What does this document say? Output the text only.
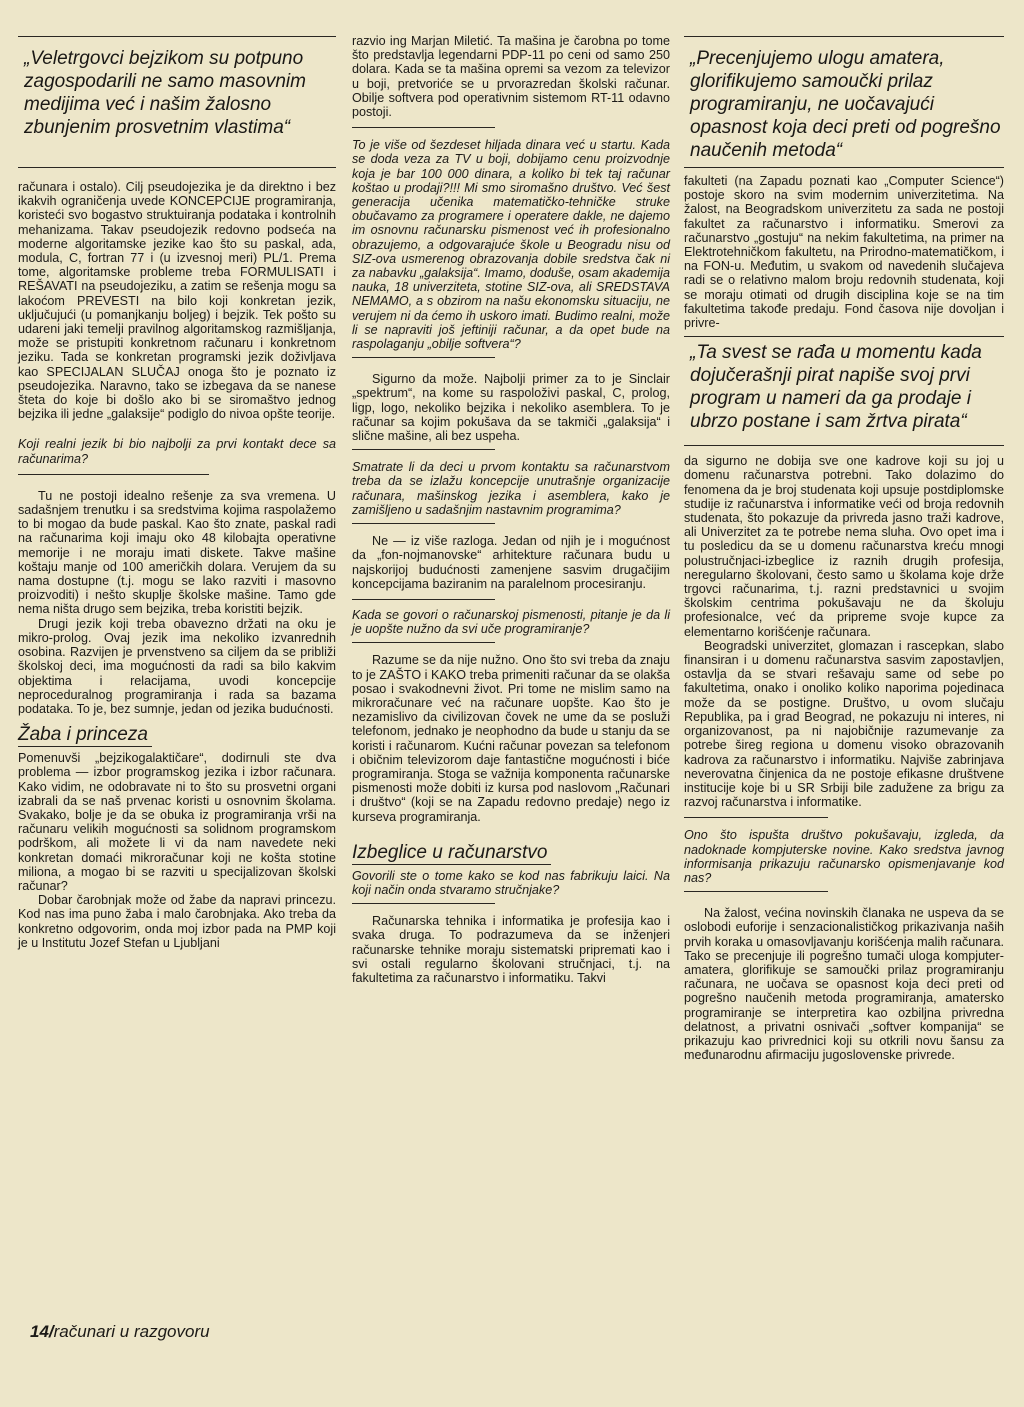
„Veletrgovci bejzikom su potpuno zagospodarili ne samo masovnim medijima već i našim žalosno zbunjenim prosvetnim vlastima“

računara i ostalo). Cilj pseudojezika je da direktno i bez ikakvih ograničenja uvede KONCEPCIJE programiranja, koristeći svo bogastvo struktuiranja podataka i kontrolnih mehanizama. Takav pseudojezik redovno podseća na moderne algoritamske jezike kao što su paskal, ada, modula, C, fortran 77 i (u izvesnoj meri) PL/1. Prema tome, algoritamske probleme treba FORMULISATI i REŠAVATI na pseudojeziku, a zatim se rešenja mogu sa lakoćom PREVESTI na bilo koji konkretan jezik, uključujući (u pomanjkanju boljeg) i bejzik. Tek pošto su udareni jaki temelji pravilnog algoritamskog razmišljanja, može se pristupiti konkretnom računaru i konkretnom jeziku. Tada se konkretan programski jezik doživljava kao SPECIJALAN SLUČAJ onoga što je poznato iz pseudojezika. Naravno, tako se izbegava da se nanese šteta do koje bi došlo ako bi se siromaštvo jednog bejzika ili jedne „galaksije“ podiglo do nivoa opšte teorije.

Koji realni jezik bi bio najbolji za prvi kontakt dece sa računarima?

Tu ne postoji idealno rešenje za sva vremena. U sadašnjem trenutku i sa sredstvima kojima raspolažemo to bi mogao da bude paskal. Kao što znate, paskal radi na računarima koji imaju oko 48 kilobajta operativne memorije i ne moraju imati diskete. Takve mašine koštaju manje od 100 američkih dolara. Verujem da su nama dostupne (t.j. mogu se lako razviti i masovno proizvoditi) i nešto skuplje školske mašine. Tamo gde nema ništa drugo sem bejzika, treba koristiti bejzik.

Drugi jezik koji treba obavezno držati na oku je mikro-prolog. Ovaj jezik ima nekoliko izvanrednih osobina. Razvijen je prvenstveno sa ciljem da se približi školskoj deci, ima mogućnosti da radi sa bilo kakvim objektima i relacijama, uvodi koncepcije neproceduralnog programiranja i rada sa bazama podataka. To je, bez sumnje, jedan od jezika budućnosti.

Žaba i princeza

Pomenuvši „bejzikogalaktičare“, dodirnuli ste dva problema — izbor programskog jezika i izbor računara. Kako vidim, ne odobravate ni to što su prosvetni organi izabrali da se naš prvenac koristi u osnovnim školama. Svakako, bolje je da se obuka iz programiranja vrši na računaru velikih mogućnosti sa solidnom programskom podrškom, ali možete li vi da nam navedete neki konkretan domaći mikroračunar koji ne košta stotine miliona, a mogao bi se razviti u specijalizovan školski računar?

Dobar čarobnjak može od žabe da napravi princezu. Kod nas ima puno žaba i malo čarobnjaka. Ako treba da konkretno odgovorim, onda moj izbor pada na PMP koji je u Institutu Jozef Stefan u Ljubljani

razvio ing Marjan Miletić. Ta mašina je čarobna po tome što predstavlja legendarni PDP-11 po ceni od samo 250 dolara. Kada se ta mašina opremi sa vezom za televizor u boji, pretvoriće se u prvorazredan školski računar. Obilje softvera pod operativnim sistemom RT-11 odavno postoji.

To je više od šezdeset hiljada dinara već u startu. Kada se doda veza za TV u boji, dobijamo cenu proizvodnje koja je bar 100 000 dinara, a koliko bi tek taj računar koštao u prodaji?!!! Mi smo siromašno društvo. Već šest generacija učenika matematičko-tehničke struke obučavamo za programere i operatere dakle, ne dajemo im osnovnu računarsku pismenost već ih profesionalno obrazujemo, a odgovarajuće škole u Beogradu nisu od SIZ-ova usmerenog obrazovanja dobile sredstva čak ni za nabavku „galaksija“. Imamo, doduše, osam akademija nauka, 18 univerziteta, stotine SIZ-ova, ali SREDSTAVA NEMAMO, a s obzirom na našu ekonomsku situaciju, ne verujem ni da ćemo ih uskoro imati. Budimo realni, može li se napraviti još jeftiniji računar, a da opet bude na raspolaganju „obilje softvera“?

Sigurno da može. Najbolji primer za to je Sinclair „spektrum“, na kome su raspoloživi paskal, C, prolog, ligp, logo, nekoliko bejzika i nekoliko asemblera. To je računar sa kojim pokušava da se takmiči „galaksija“ i slične mašine, ali bez uspeha.

Smatrate li da deci u prvom kontaktu sa računarstvom treba da se izlažu koncepcije unutrašnje organizacije računara, mašinskog jezika i asemblera, kako je zamišljeno u sadašnjim nastavnim programima?

Ne — iz više razloga. Jedan od njih je i mogućnost da „fon-nojmanovske“ arhitekture računara budu u najskorijoj budućnosti zamenjene sasvim drugačijim koncepcijama baziranim na paralelnom procesiranju.

Kada se govori o računarskoj pismenosti, pitanje je da li je uopšte nužno da svi uče programiranje?

Razume se da nije nužno. Ono što svi treba da znaju to je ZAŠTO i KAKO treba primeniti računar da se olakša posao i svakodnevni život. Pri tome ne mislim samo na mikroračunare već na računare uopšte. Kao što je nezamislivo da civilizovan čovek ne ume da se posluži telefonom, jednako je neophodno da bude u stanju da se koristi i računarom. Kućni računar povezan sa telefonom i običnim televizorom daje fantastične mogućnosti i biće programiranja. Stoga se važnija komponenta računarske pismenosti može dobiti iz kursa pod naslovom „Računari i društvo“ (koji se na Zapadu redovno predaje) nego iz kurseva programiranja.

Izbeglice u računarstvo

Govorili ste o tome kako se kod nas fabrikuju laici. Na koji način onda stvaramo stručnjake?

Računarska tehnika i informatika je profesija kao i svaka druga. To podrazumeva da se inženjeri računarske tehnike moraju sistematski pripremati kao i svi ostali regularno školovani stručnjaci, t.j. na fakultetima za računarstvo i informatiku. Takvi

„Precenjujemo ulogu amatera, glorifikujemo samoučki prilaz programiranju, ne uočavajući opasnost koja deci preti od pogrešno naučenih metoda“

fakulteti (na Zapadu poznati kao „Computer Science“) postoje skoro na svim modernim univerzitetima. Na žalost, na Beogradskom univerzitetu za sada ne postoji fakultet za računarstvo i informatiku. Smerovi za računarstvo „gostuju“ na nekim fakultetima, na primer na Elektrotehničkom fakultetu, na Prirodno-matematičkom, i na FON-u. Međutim, u svakom od navedenih slučajeva radi se o relativno malom broju redovnih studenata, koji se moraju otimati od drugih disciplina koje se na tim fakultetima takođe predaju. Fond časova nije dovoljan i privre-

„Ta svest se rađa u momentu kada dojučerašnji pirat napiše svoj prvi program u nameri da ga prodaje i ubrzo postane i sam žrtva pirata“

da sigurno ne dobija sve one kadrove koji su joj u domenu računarstva potrebni. Tako dolazimo do fenomena da je broj studenata koji upsuje postdiplomske studije iz računarstva i informatike veći od broja redovnih studenata, što pokazuje da privreda jasno traži kadrove, ali Univerzitet za te potrebe nema sluha. Ovo opet ima i tu posledicu da se u domenu računarstva kreću mnogi polustručnjaci-izbeglice iz raznih drugih profesija, neregularno školovani, često samo u školama koje drže trgovci računarima, t.j. razni predstavnici u svojim školskim centrima pokušavaju ne da školuju profesionalce, već da pripreme svoje kupce za elementarno korišćenje računara.

Beogradski univerzitet, glomazan i rascepkan, slabo finansiran i u domenu računarstva sasvim zapostavljen, ostavlja da se stvari rešavaju same od sebe po fakultetima, onako i onoliko koliko naporima pojedinaca može da se postigne. Društvo, u ovom slučaju Republika, pa i grad Beograd, ne pokazuju ni interes, ni organizovanost, pa ni najobičnije razumevanje za potrebe šireg regiona u domenu visoko obrazovanih kadrova za računarstvo i informatiku. Najviše zabrinjava neverovatna činjenica da ne postoje efikasne društvene institucije koje bi u SR Srbiji bile zadužene za brigu za razvoj računarstva i informatike.

Ono što ispušta društvo pokušavaju, izgleda, da nadoknade kompjuterske novine. Kako sredstva javnog informisanja prikazuju računarsko opismenjavanje kod nas?

Na žalost, većina novinskih članaka ne uspeva da se oslobodi euforije i senzacionalističkog prikazivanja naših prvih koraka u omasovljavanju korišćenja malih računara. Tako se precenjuje ili pogrešno tumači uloga kompjuter-amatera, glorifikuje se samoučki prilaz programiranju računara, ne uočava se opasnost koja deci preti od pogrešno naučenih metoda programiranja, amatersko programiranje se interpretira kao ozbiljna privredna delatnost, a privatni osnivači „softver kompanija“ se prikazuju kao privrednici koji su otkrili novu šansu za međunarodnu afirmaciju jugoslovenske privrede.

14/računari u razgovoru
